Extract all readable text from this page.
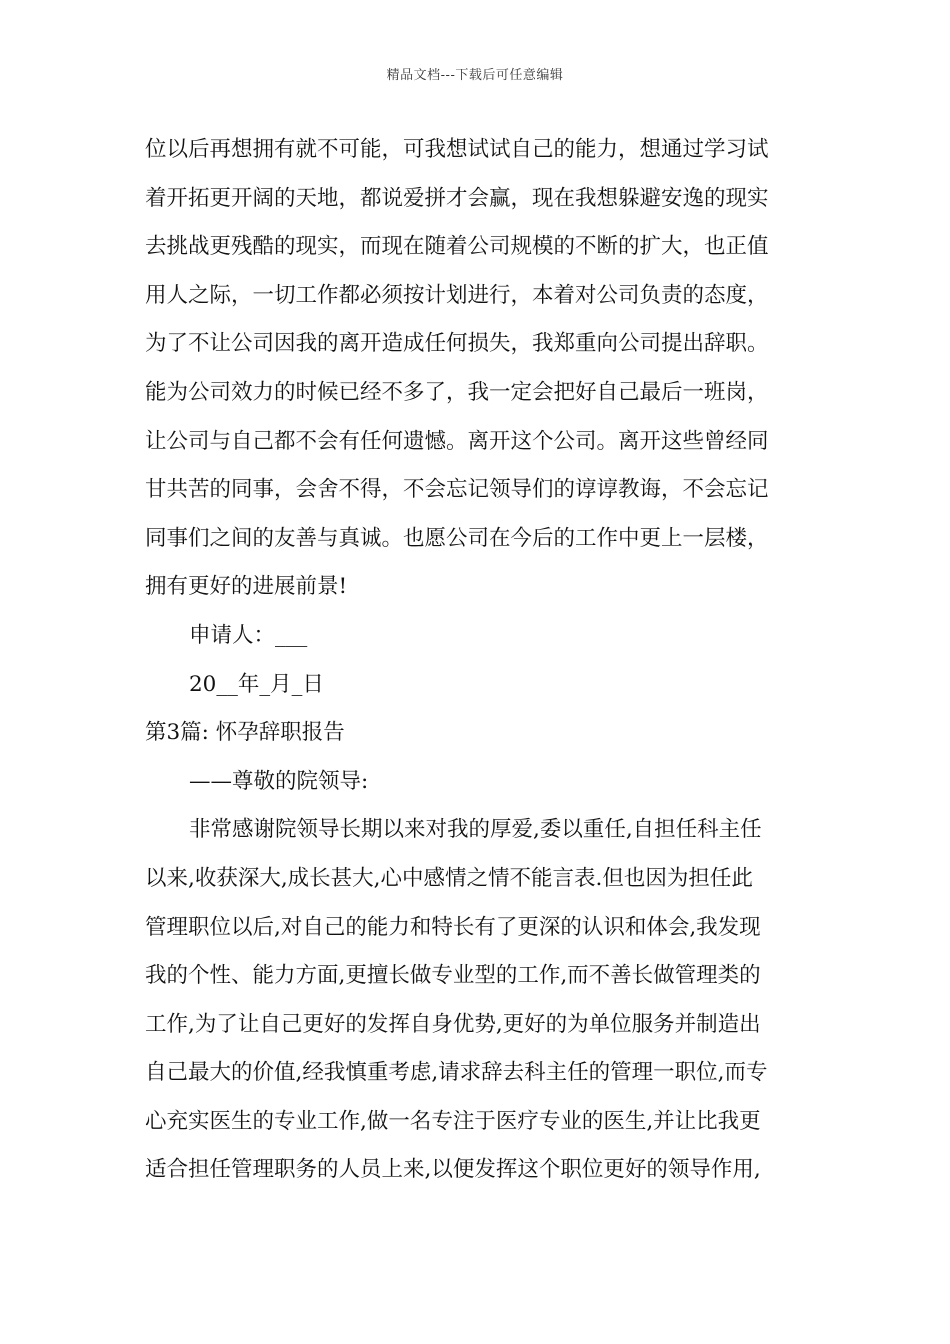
精品文档---下载后可任意编辑
位以后再想拥有就不可能，可我想试试自己的能力，想通过学习试
着开拓更开阔的天地，都说爱拼才会赢，现在我想躲避安逸的现实
去挑战更残酷的现实，而现在随着公司规模的不断的扩大，也正值
用人之际，一切工作都必须按计划进行，本着对公司负责的态度，
为了不让公司因我的离开造成任何损失，我郑重向公司提出辞职。
能为公司效力的时候已经不多了，我一定会把好自己最后一班岗，
让公司与自己都不会有任何遗憾。离开这个公司。离开这些曾经同
甘共苦的同事，会舍不得，不会忘记领导们的谆谆教诲，不会忘记
同事们之间的友善与真诚。也愿公司在今后的工作中更上一层楼，
拥有更好的进展前景!
申请人：___
20__年_月_日
第3篇: 怀孕辞职报告
——尊敬的院领导:
非常感谢院领导长期以来对我的厚爱,委以重任,自担任科主任
以来,收获深大,成长甚大,心中感情之情不能言表.但也因为担任此
管理职位以后,对自己的能力和特长有了更深的认识和体会,我发现
我的个性、能力方面,更擅长做专业型的工作,而不善长做管理类的
工作,为了让自己更好的发挥自身优势,更好的为单位服务并制造出
自己最大的价值,经我慎重考虑,请求辞去科主任的管理一职位,而专
心充实医生的专业工作,做一名专注于医疗专业的医生,并让比我更
适合担任管理职务的人员上来,以便发挥这个职位更好的领导作用,
